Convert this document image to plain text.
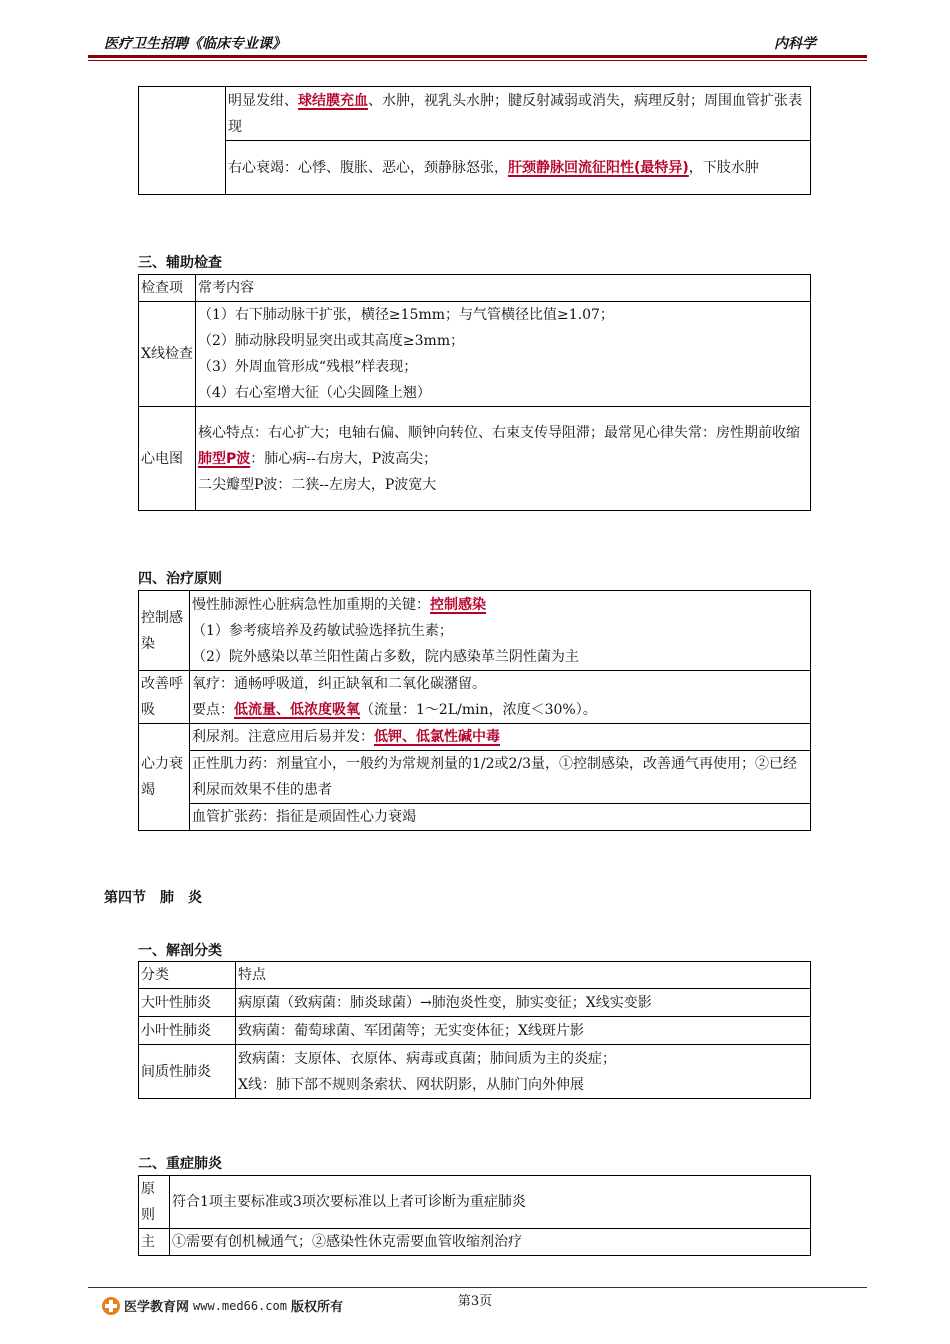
医疗卫生招聘《临床专业课》	内科学
	明显发绀、球结膜充血、水肿，视乳头水肿；腱反射减弱或消失，病理反射；周围血管扩张表现
右心衰竭：心悸、腹胀、恶心，颈静脉怒张，肝颈静脉回流征阳性(最特异)，下肢水肿
三、辅助检查
检查项	常考内容
X线检查	（1）右下肺动脉干扩张，横径≥15mm；与气管横径比值≥1.07；
（2）肺动脉段明显突出或其高度≥3mm；
（3）外周血管形成“残根”样表现；
（4）右心室增大征（心尖圆隆上翘）

心电图	核心特点：右心扩大；电轴右偏、顺钟向转位、右束支传导阻滞；最常见心律失常：房性期前收缩
肺型P波：肺心病--右房大，P波高尖；
二尖瓣型P波：二狭--左房大，P波宽大
四、治疗原则
控制感染	慢性肺源性心脏病急性加重期的关键：控制感染
（1）参考痰培养及药敏试验选择抗生素；
（2）院外感染以革兰阳性菌占多数，院内感染革兰阴性菌为主

改善呼吸	氧疗：通畅呼吸道，纠正缺氧和二氧化碳潴留。
要点：低流量、低浓度吸氧（流量：1～2L/min，浓度＜30%）。

心力衰竭	利尿剂。注意应用后易并发：低钾、低氯性碱中毒
	正性肌力药：剂量宜小，一般约为常规剂量的1/2或2/3量，①控制感染，改善通气再使用；②已经利尿而效果不佳的患者
	血管扩张药：指征是顽固性心力衰竭
第四节　肺　炎
一、解剖分类
分类	特点
大叶性肺炎	病原菌（致病菌：肺炎球菌）→肺泡炎性变，肺实变征；X线实变影
小叶性肺炎	致病菌：葡萄球菌、军团菌等；无实变体征；X线斑片影
间质性肺炎	致病菌：支原体、衣原体、病毒或真菌；肺间质为主的炎症；
X线：肺下部不规则条索状、网状阴影，从肺门向外伸展
二、重症肺炎
原则	符合1项主要标准或3项次要标准以上者可诊断为重症肺炎
主	①需要有创机械通气；②感染性休克需要血管收缩剂治疗
第3页
医学教育网 www.med66.com 版权所有
